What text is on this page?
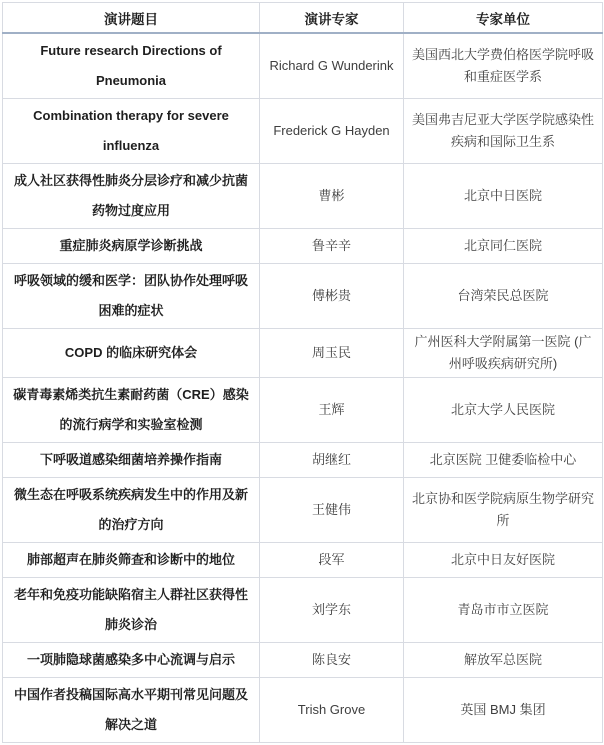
演讲题目	演讲专家	专家单位
Future research Directions of Pneumonia	Richard G Wunderink	美国西北大学费伯格医学院呼吸和重症医学系
Combination therapy for severe influenza	Frederick G Hayden	美国弗吉尼亚大学医学院感染性疾病和国际卫生系
成人社区获得性肺炎分层诊疗和减少抗菌药物过度应用	曹彬	北京中日医院
重症肺炎病原学诊断挑战	鲁辛辛	北京同仁医院
呼吸领域的缓和医学：团队协作处理呼吸困难的症状	傅彬贵	台湾荣民总医院
COPD 的临床研究体会	周玉民	广州医科大学附属第一医院 (广州呼吸疾病研究所)
碳青毒素烯类抗生素耐药菌（CRE）感染的流行病学和实验室检测	王辉	北京大学人民医院
下呼吸道感染细菌培养操作指南	胡继红	北京医院 卫健委临检中心
微生态在呼吸系统疾病发生中的作用及新的治疗方向	王健伟	北京协和医学院病原生物学研究所
肺部超声在肺炎筛查和诊断中的地位	段军	北京中日友好医院
老年和免疫功能缺陷宿主人群社区获得性肺炎诊治	刘学东	青岛市市立医院
一项肺隐球菌感染多中心流调与启示	陈良安	解放军总医院
中国作者投稿国际高水平期刊常见问题及解决之道	Trish Grove	英国 BMJ 集团
